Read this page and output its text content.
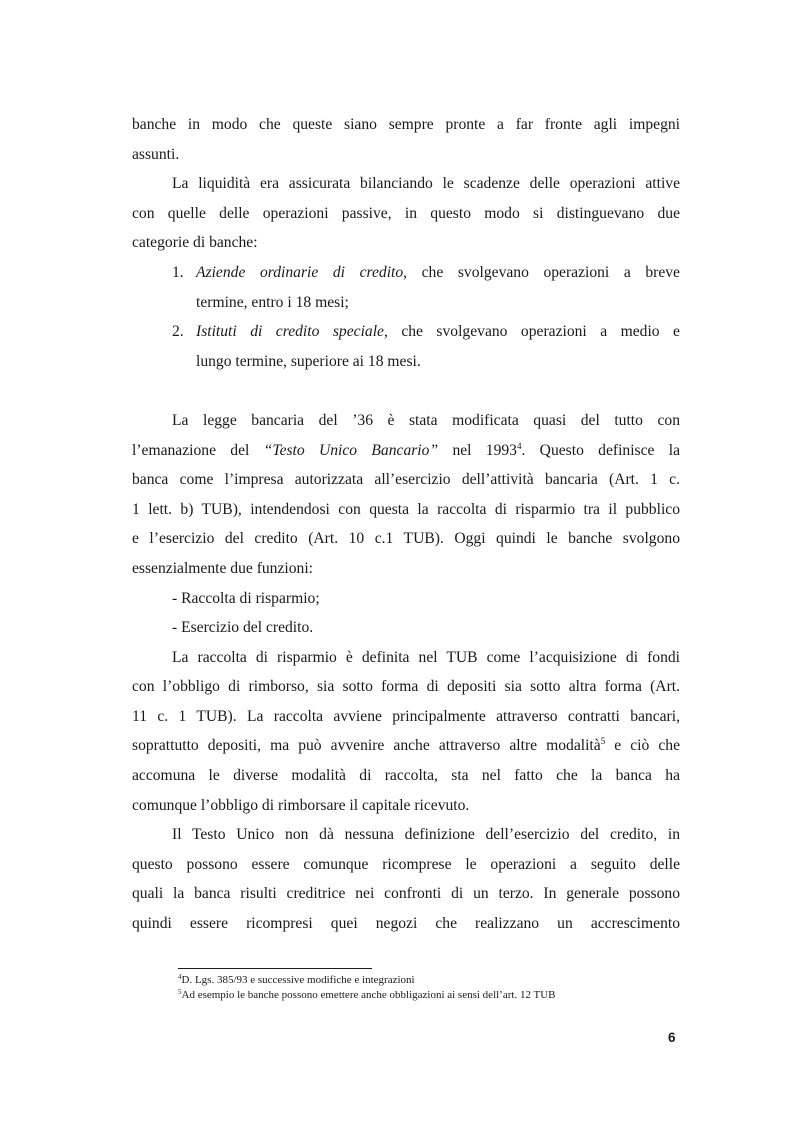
banche in modo che queste siano sempre pronte a far fronte agli impegni
assunti.
La liquidità era assicurata bilanciando le scadenze delle operazioni attive
con quelle delle operazioni passive, in questo modo si distinguevano due
categorie di banche:
1. Aziende ordinarie di credito, che svolgevano operazioni a breve
termine, entro i 18 mesi;
2. Istituti di credito speciale, che svolgevano operazioni a medio e
lungo termine, superiore ai 18 mesi.
La legge bancaria del ’36 è stata modificata quasi del tutto con
l’emanazione del “Testo Unico Bancario” nel 1993$^4$. Questo definisce la
banca come l’impresa autorizzata all’esercizio dell’attività bancaria (Art. 1 c.
1 lett. b) TUB), intendendosi con questa la raccolta di risparmio tra il pubblico
e l’esercizio del credito (Art. 10 c.1 TUB). Oggi quindi le banche svolgono
essenzialmente due funzioni:
- Raccolta di risparmio;
- Esercizio del credito.
La raccolta di risparmio è definita nel TUB come l’acquisizione di fondi
con l’obbligo di rimborso, sia sotto forma di depositi sia sotto altra forma (Art.
11 c. 1 TUB). La raccolta avviene principalmente attraverso contratti bancari,
soprattutto depositi, ma può avvenire anche attraverso altre modalità$^5$ e ciò che
accomuna le diverse modalità di raccolta, sta nel fatto che la banca ha
comunque l’obbligo di rimborsare il capitale ricevuto.
Il Testo Unico non dà nessuna definizione dell’esercizio del credito, in
questo possono essere comunque ricomprese le operazioni a seguito delle
quali la banca risulti creditrice nei confronti di un terzo. In generale possono
quindi essere ricompresi quei negozi che realizzano un accrescimento
$^4$D. Lgs. 385/93 e successive modifiche e integrazioni
$^5$Ad esempio le banche possono emettere anche obbligazioni ai sensi dell’art. 12 TUB
6
